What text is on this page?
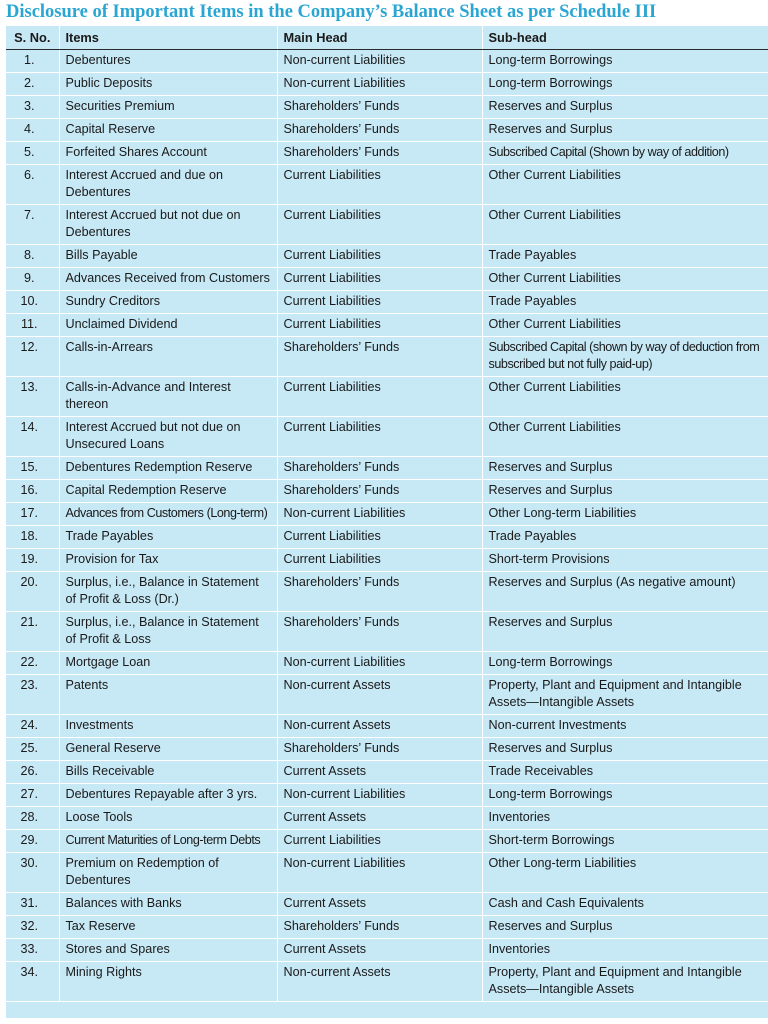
Disclosure of Important Items in the Company’s Balance Sheet as per Schedule III
S. No.	Items	Main Head	Sub-head
1.	Debentures	Non-current Liabilities	Long-term Borrowings
2.	Public Deposits	Non-current Liabilities	Long-term Borrowings
3.	Securities Premium	Shareholders’ Funds	Reserves and Surplus
4.	Capital Reserve	Shareholders’ Funds	Reserves and Surplus
5.	Forfeited Shares Account	Shareholders’ Funds	Subscribed Capital (Shown by way of addition)
6.	Interest Accrued and due on Debentures	Current Liabilities	Other Current Liabilities
7.	Interest Accrued but not due on Debentures	Current Liabilities	Other Current Liabilities
8.	Bills Payable	Current Liabilities	Trade Payables
9.	Advances Received from Customers	Current Liabilities	Other Current Liabilities
10.	Sundry Creditors	Current Liabilities	Trade Payables
11.	Unclaimed Dividend	Current Liabilities	Other Current Liabilities
12.	Calls-in-Arrears	Shareholders’ Funds	Subscribed Capital (shown by way of deduction from subscribed but not fully paid-up)
13.	Calls-in-Advance and Interest thereon	Current Liabilities	Other Current Liabilities
14.	Interest Accrued but not due on Unsecured Loans	Current Liabilities	Other Current Liabilities
15.	Debentures Redemption Reserve	Shareholders’ Funds	Reserves and Surplus
16.	Capital Redemption Reserve	Shareholders’ Funds	Reserves and Surplus
17.	Advances from Customers (Long-term)	Non-current Liabilities	Other Long-term Liabilities
18.	Trade Payables	Current Liabilities	Trade Payables
19.	Provision for Tax	Current Liabilities	Short-term Provisions
20.	Surplus, i.e., Balance in Statement of Profit & Loss (Dr.)	Shareholders’ Funds	Reserves and Surplus (As negative amount)
21.	Surplus, i.e., Balance in Statement of Profit & Loss	Shareholders’ Funds	Reserves and Surplus
22.	Mortgage Loan	Non-current Liabilities	Long-term Borrowings
23.	Patents	Non-current Assets	Property, Plant and Equipment and Intangible Assets—Intangible Assets
24.	Investments	Non-current Assets	Non-current Investments
25.	General Reserve	Shareholders’ Funds	Reserves and Surplus
26.	Bills Receivable	Current Assets	Trade Receivables
27.	Debentures Repayable after 3 yrs.	Non-current Liabilities	Long-term Borrowings
28.	Loose Tools	Current Assets	Inventories
29.	Current Maturities of Long-term Debts	Current Liabilities	Short-term Borrowings
30.	Premium on Redemption of Debentures	Non-current Liabilities	Other Long-term Liabilities
31.	Balances with Banks	Current Assets	Cash and Cash Equivalents
32.	Tax Reserve	Shareholders’ Funds	Reserves and Surplus
33.	Stores and Spares	Current Assets	Inventories
34.	Mining Rights	Non-current Assets	Property, Plant and Equipment and Intangible Assets—Intangible Assets
